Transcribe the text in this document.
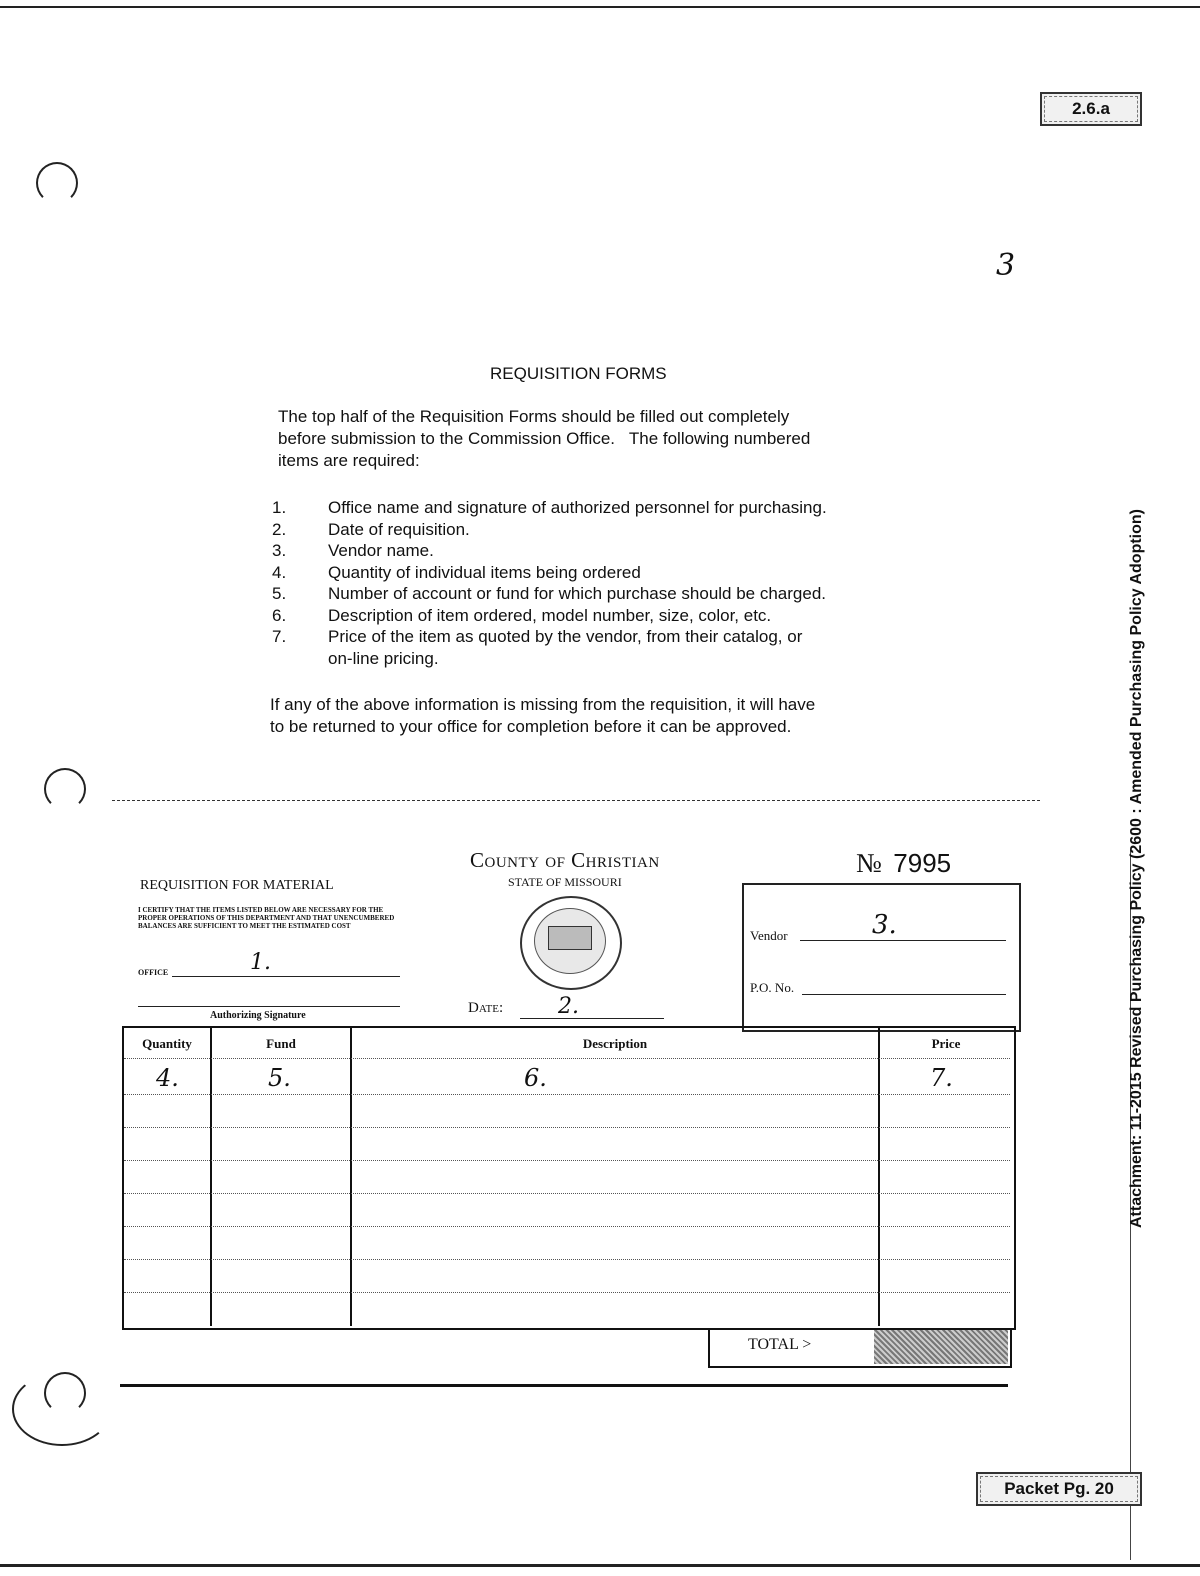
2.6.a
3
REQUISITION FORMS
The top half of the Requisition Forms should be filled out completely
before submission to the Commission Office.   The following numbered
items are required:
1. Office name and signature of authorized personnel for purchasing.
2. Date of requisition.
3. Vendor name.
4. Quantity of individual items being ordered
5. Number of account or fund for which purchase should be charged.
6. Description of item ordered, model number, size, color, etc.
7. Price of the item as quoted by the vendor, from their catalog, or
on-line pricing.
If any of the above information is missing from the requisition, it will have
to be returned to your office for completion before it can be approved.
County of Christian
STATE OF MISSOURI
№ 7995
REQUISITION FOR MATERIAL
I CERTIFY THAT THE ITEMS LISTED BELOW ARE NECESSARY FOR THE PROPER OPERATIONS OF THIS DEPARTMENT AND THAT UNENCUMBERED BALANCES ARE SUFFICIENT TO MEET THE ESTIMATED COST
OFFICE	1.
Authorizing Signature	Date: 2.
Vendor	3.
P.O. No.
Quantity	Fund	Description	Price
4.	5.	6.	7.
TOTAL >
Attachment: 11-2015 Revised Purchasing Policy (2600 : Amended Purchasing Policy Adoption)
Packet Pg. 20
